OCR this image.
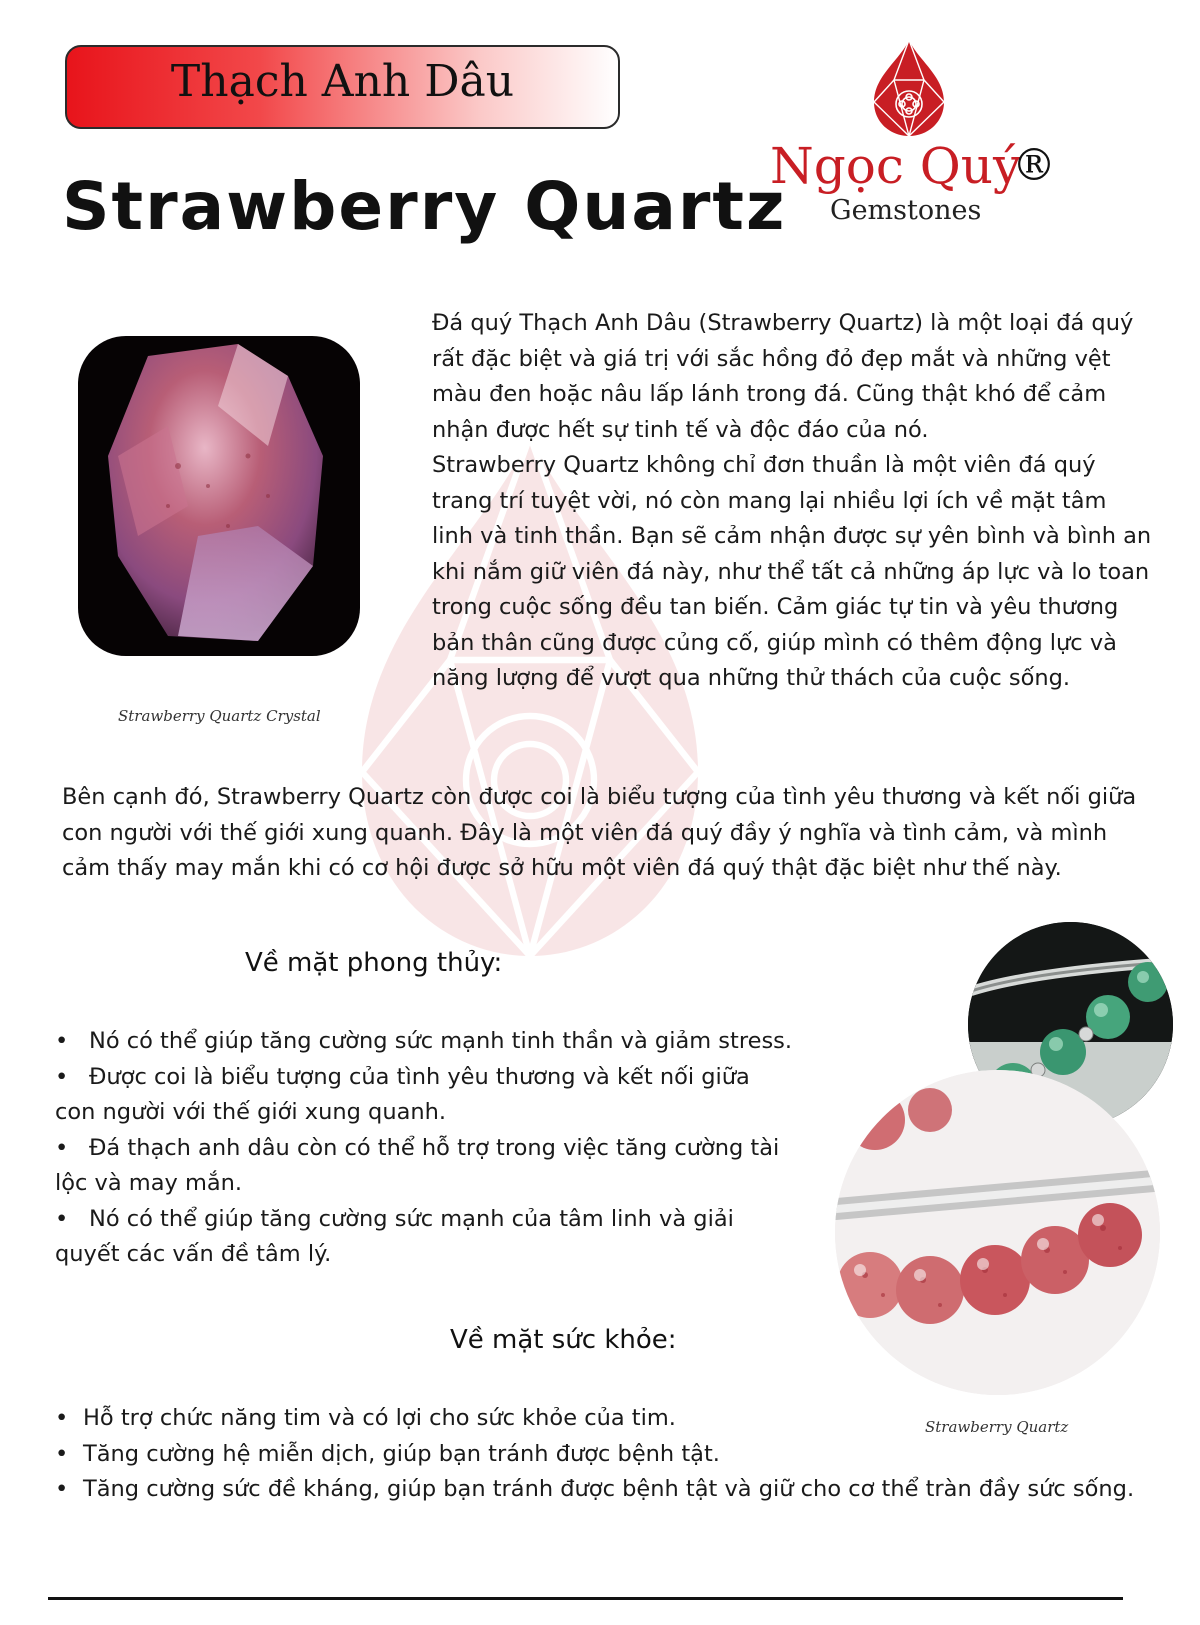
Thạch Anh Dâu
Strawberry Quartz
Ngọc Quý
®
Gemstones
Strawberry Quartz Crystal

Đá quý Thạch Anh Dâu (Strawberry Quartz) là một loại đá quý rất đặc biệt và giá trị với sắc hồng đỏ đẹp mắt và những vệt màu đen hoặc nâu lấp lánh trong đá. Cũng thật khó để cảm nhận được hết sự tinh tế và độc đáo của nó.

Strawberry Quartz không chỉ đơn thuần là một viên đá quý trang trí tuyệt vời, nó còn mang lại nhiều lợi ích về mặt tâm linh và tinh thần. Bạn sẽ cảm nhận được sự yên bình và bình an khi nắm giữ viên đá này, như thể tất cả những áp lực và lo toan trong cuộc sống đều tan biến. Cảm giác tự tin và yêu thương bản thân cũng được củng cố, giúp mình có thêm động lực và năng lượng để vượt qua những thử thách của cuộc sống.

Bên cạnh đó, Strawberry Quartz còn được coi là biểu tượng của tình yêu thương và kết nối giữa con người với thế giới xung quanh. Đây là một viên đá quý đầy ý nghĩa và tình cảm, và mình cảm thấy may mắn khi có cơ hội được sở hữu một viên đá quý thật đặc biệt như thế này.
Về mặt phong thủy:
• Nó có thể giúp tăng cường sức mạnh tinh thần và giảm stress.
• Được coi là biểu tượng của tình yêu thương và kết nối giữa con người với thế giới xung quanh.
• Đá thạch anh dâu còn có thể hỗ trợ trong việc tăng cường tài lộc và may mắn.
• Nó có thể giúp tăng cường sức mạnh của tâm linh và giải quyết các vấn đề tâm lý.
Về mặt sức khỏe:
• Hỗ trợ chức năng tim và có lợi cho sức khỏe của tim.
• Tăng cường hệ miễn dịch, giúp bạn tránh được bệnh tật.
• Tăng cường sức đề kháng, giúp bạn tránh được bệnh tật và giữ cho cơ thể tràn đầy sức sống.
Strawberry Quartz
